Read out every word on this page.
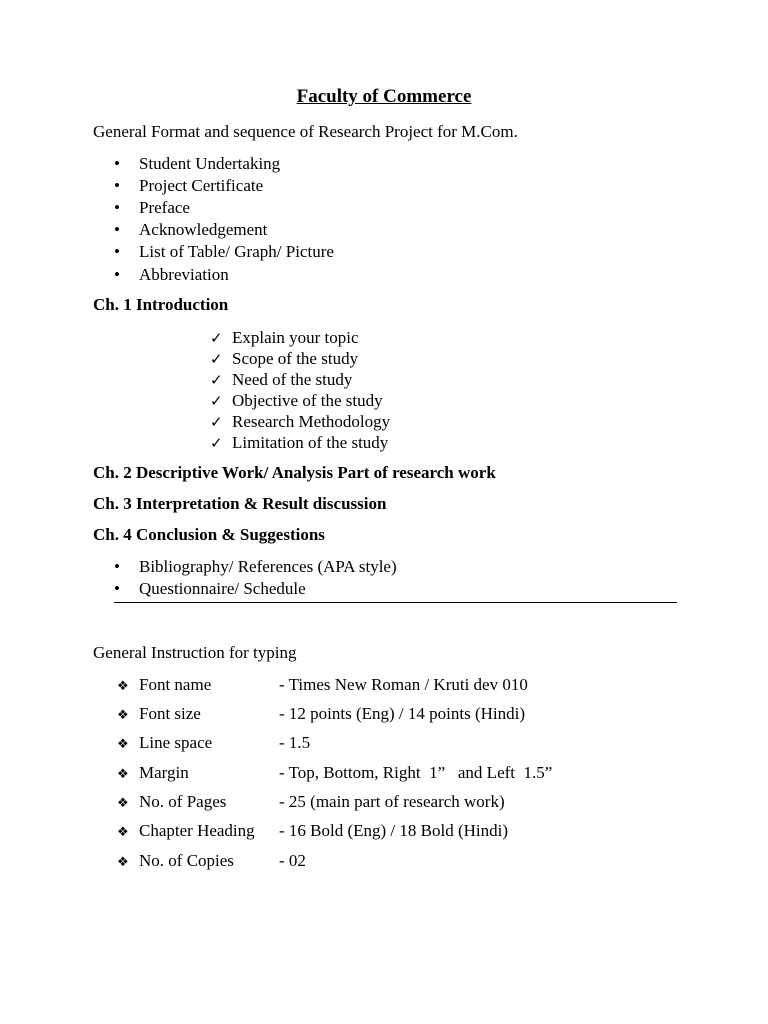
Faculty of Commerce
General Format and sequence of Research Project for M.Com.
• Student Undertaking
• Project Certificate
• Preface
• Acknowledgement
• List of Table/ Graph/ Picture
• Abbreviation
Ch. 1 Introduction
✓ Explain your topic
✓ Scope of the study
✓ Need of the study
✓ Objective of the study
✓ Research Methodology
✓ Limitation of the study
Ch. 2 Descriptive Work/ Analysis Part of research work
Ch. 3 Interpretation & Result discussion
Ch. 4 Conclusion & Suggestions
• Bibliography/ References (APA style)
• Questionnaire/ Schedule
General Instruction for typing
❖ Font name	- Times New Roman / Kruti dev 010
❖ Font size	- 12 points (Eng) / 14 points (Hindi)
❖ Line space	- 1.5
❖ Margin	- Top, Bottom, Right  1”   and Left  1.5”
❖ No. of Pages	- 25 (main part of research work)
❖ Chapter Heading - 16 Bold (Eng) / 18 Bold (Hindi)
❖ No. of Copies	- 02
